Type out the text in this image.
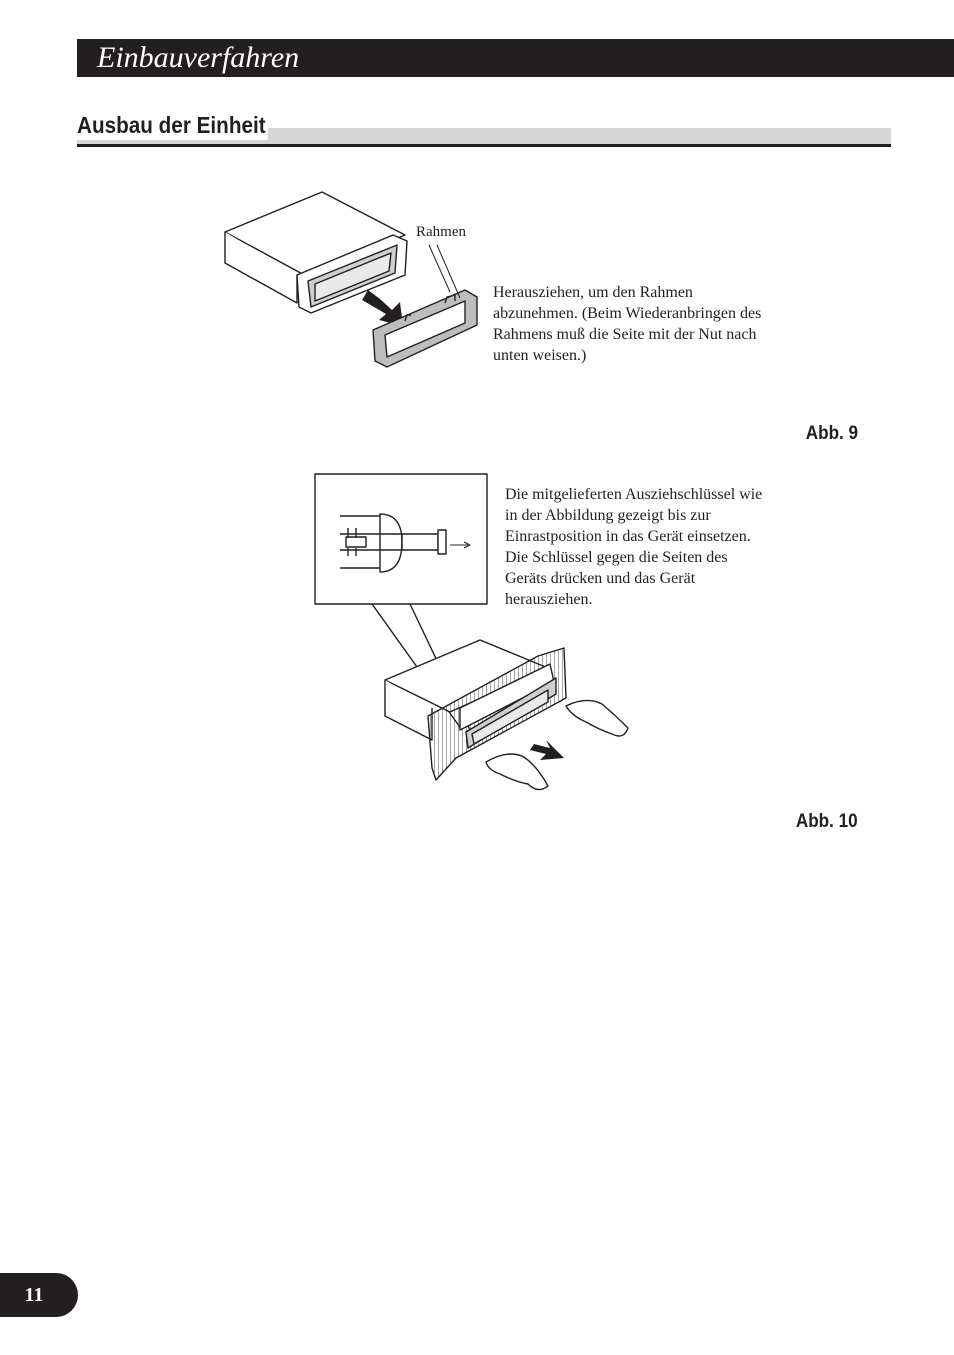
Einbauverfahren
Ausbau der Einheit
Rahmen
Herausziehen, um den Rahmen
abzunehmen. (Beim Wiederanbringen des
Rahmens muß die Seite mit der Nut nach
unten weisen.)
Abb. 9
Die mitgelieferten Ausziehschlüssel wie
in der Abbildung gezeigt bis zur
Einrastposition in das Gerät einsetzen.
Die Schlüssel gegen die Seiten des
Geräts drücken und das Gerät
herausziehen.
Abb. 10
11
